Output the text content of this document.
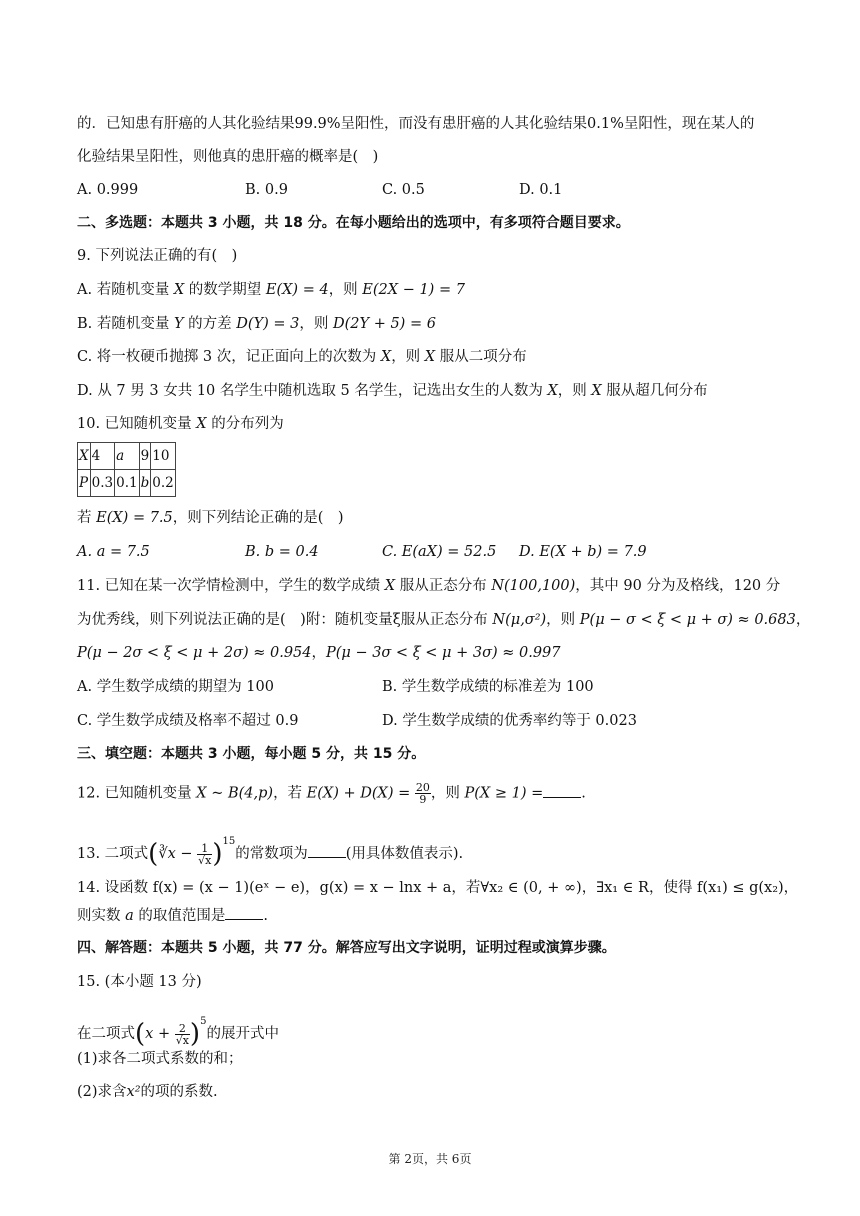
的．已知患有肝癌的人其化验结果99.9%呈阳性，而没有患肝癌的人其化验结果0.1%呈阳性，现在某人的
化验结果呈阳性，则他真的患肝癌的概率是(　)
A. 0.999	B. 0.9	C. 0.5	D. 0.1
二、多选题：本题共 3 小题，共 18 分。在每小题给出的选项中，有多项符合题目要求。
9. 下列说法正确的有(　)
A. 若随机变量 X 的数学期望 E(X) = 4，则 E(2X − 1) = 7
B. 若随机变量 Y 的方差 D(Y) = 3，则 D(2Y + 5) = 6
C. 将一枚硬币抛掷 3 次，记正面向上的次数为 X，则 X 服从二项分布
D. 从 7 男 3 女共 10 名学生中随机选取 5 名学生，记选出女生的人数为 X，则 X 服从超几何分布
10. 已知随机变量 X 的分布列为
X	4	a	9	10
P	0.3	0.1	b	0.2
若 E(X) = 7.5，则下列结论正确的是(　)
A. a = 7.5	B. b = 0.4	C. E(aX) = 52.5 D. E(X + b) = 7.9
11. 已知在某一次学情检测中，学生的数学成绩 X 服从正态分布 N(100,100)，其中 90 分为及格线，120 分
为优秀线，则下列说法正确的是(　)附：随机变量ξ服从正态分布 N(μ,σ²)，则 P(μ − σ < ξ < μ + σ) ≈ 0.683，
P(μ − 2σ < ξ < μ + 2σ) ≈ 0.954，P(μ − 3σ < ξ < μ + 3σ) ≈ 0.997
A. 学生数学成绩的期望为 100	B. 学生数学成绩的标准差为 100
C. 学生数学成绩及格率不超过 0.9	D. 学生数学成绩的优秀率约等于 0.023
三、填空题：本题共 3 小题，每小题 5 分，共 15 分。
12. 已知随机变量 X ~ B(4,p)，若 $E(X) + D(X) = \frac{20}{9}$ ，则 P(X ≥ 1) =	.
13. 二项式(∛x − $\frac{1}{√x} )^{15}$的常数项为	(用具体数值表示).
14. 设函数 f(x) = (x − 1)(eˣ − e)，g(x) = x − lnx + a，若∀x₂ ∈ (0, + ∞)，∃x₁ ∈ R，使得 f(x₁) ≤ g(x₂)，
则实数 a 的取值范围是	.
四、解答题：本题共 5 小题，共 77 分。解答应写出文字说明，证明过程或演算步骤。
15. (本小题 13 分)
在二项式$(x + \frac{2}{√x} )^5$的展开式中
(1)求各二项式系数的和；
(2)求含x²的项的系数.
第 2页，共 6页
